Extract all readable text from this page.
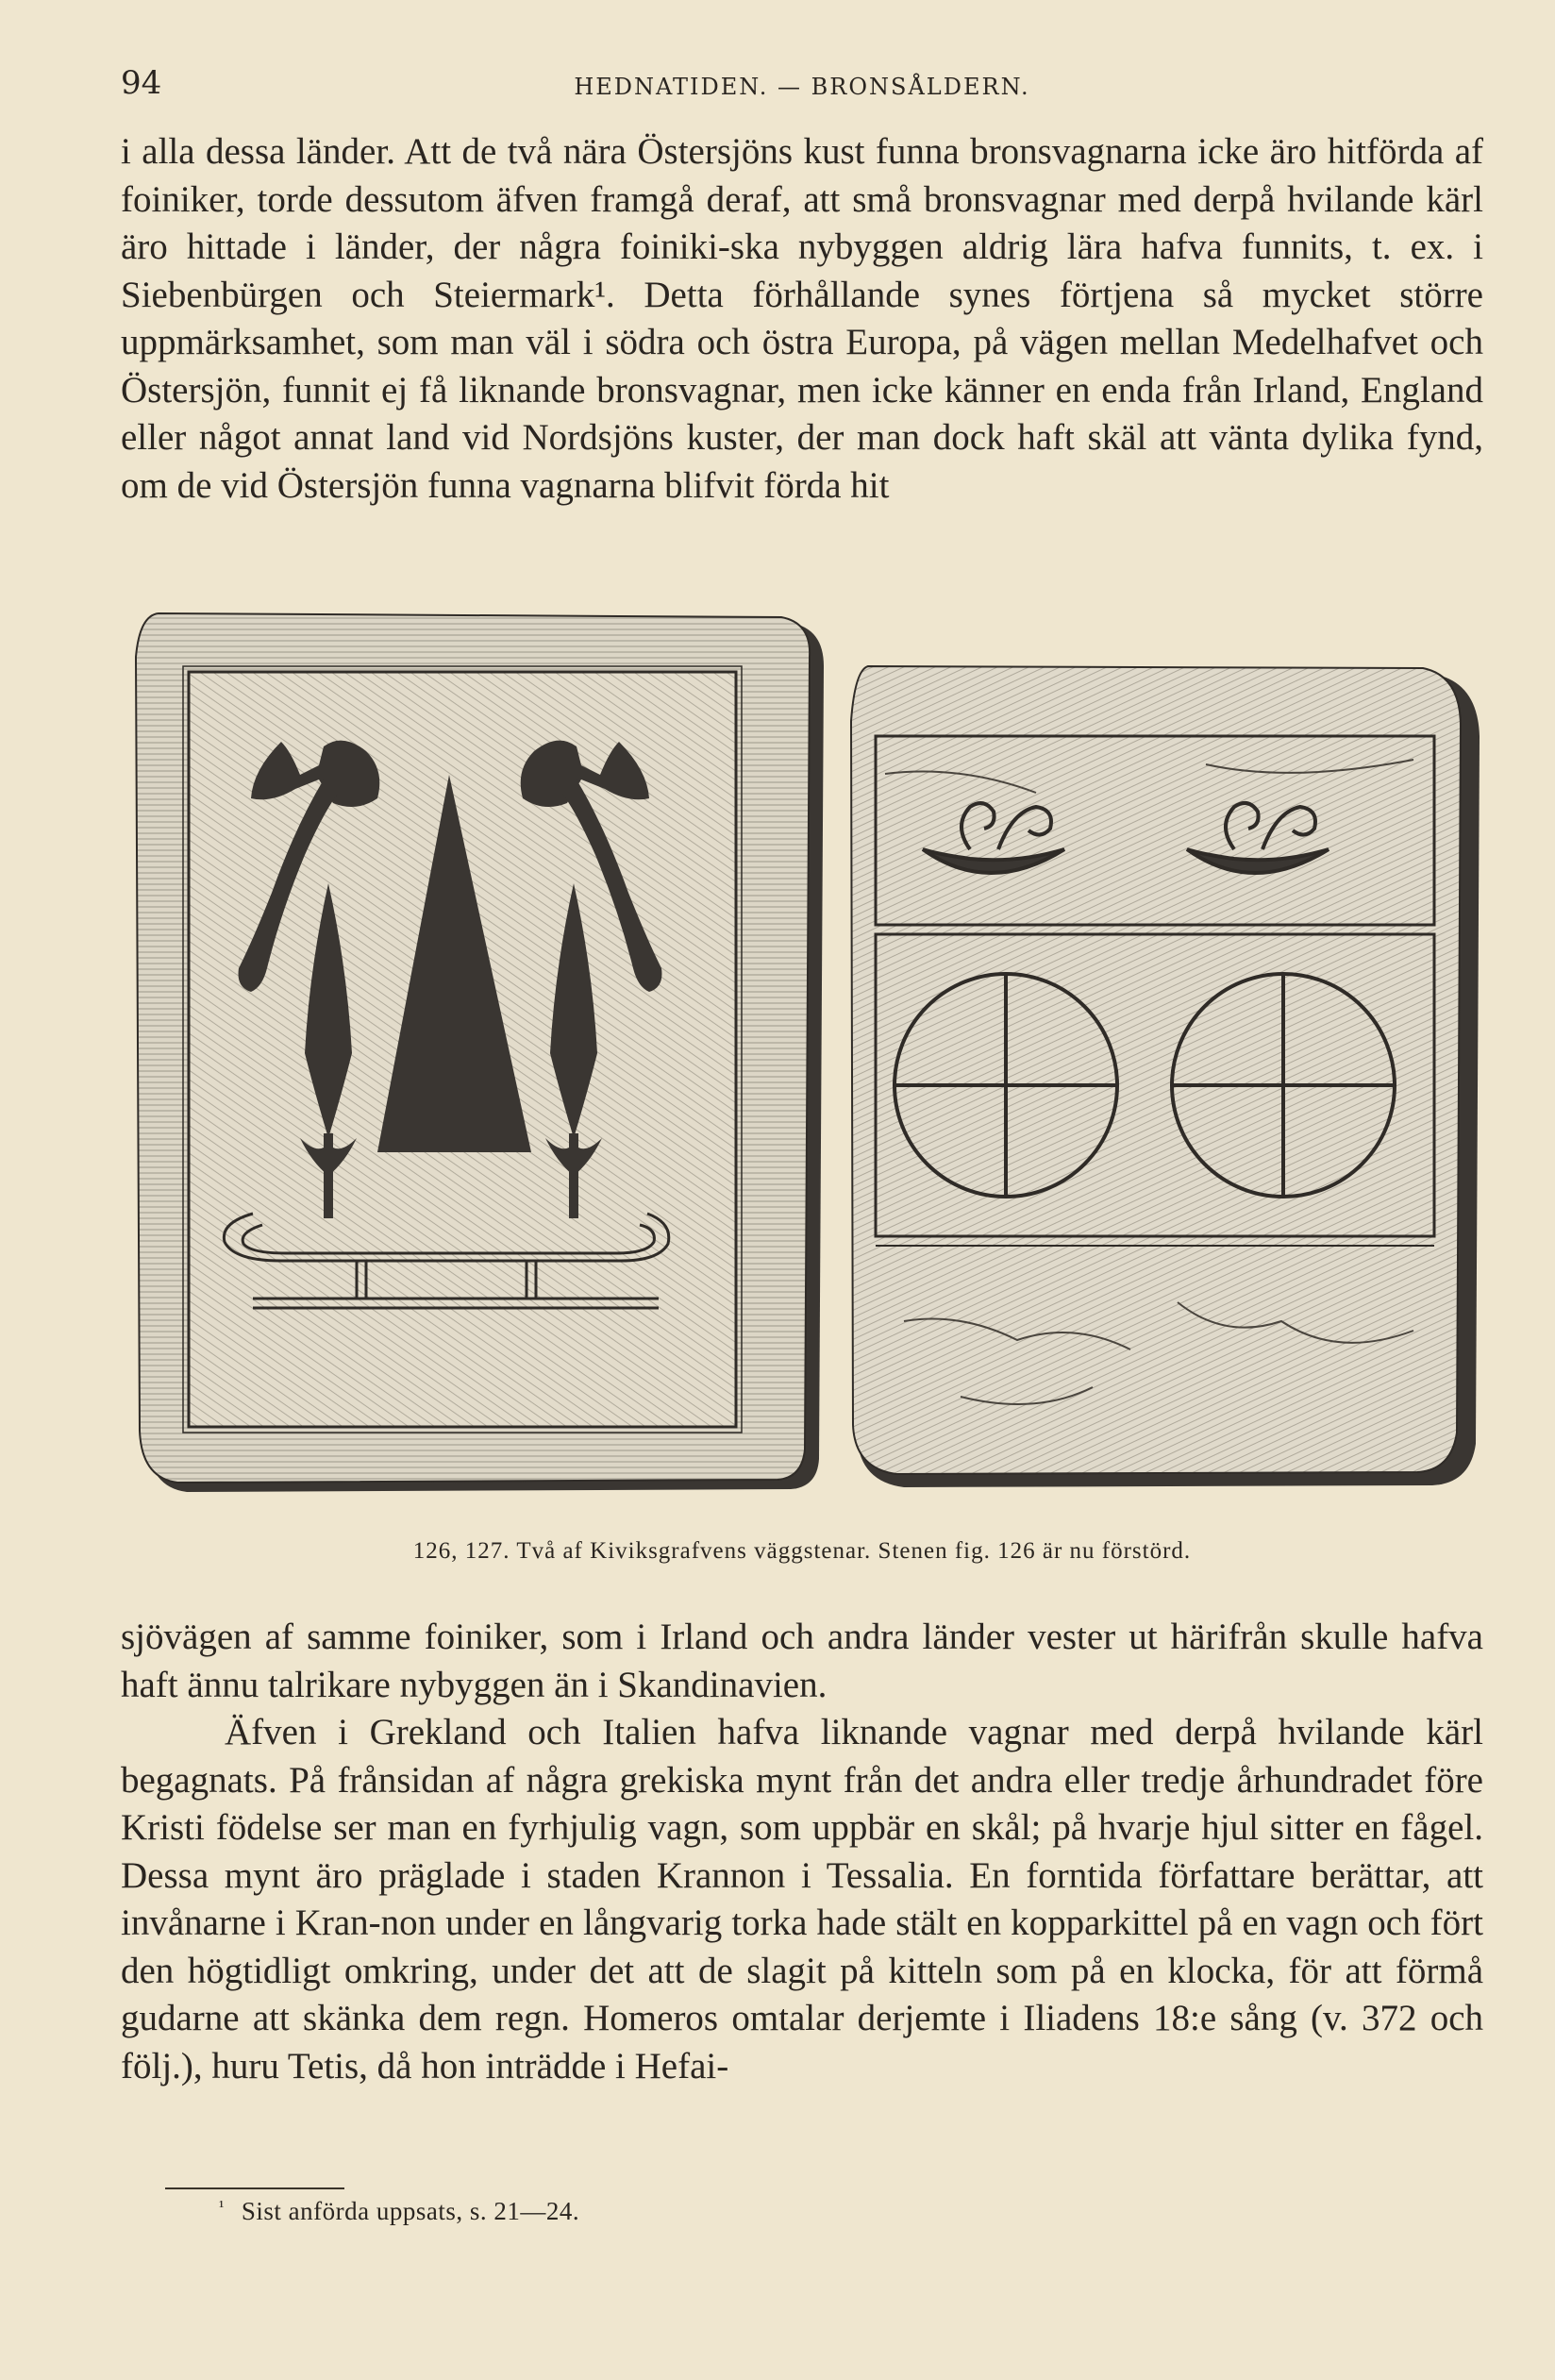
94	HEDNATIDEN. — BRONSÅLDERN.

i alla dessa länder. Att de två nära Östersjöns kust funna bronsvagnarna icke äro hitförda af foiniker, torde dessutom äfven framgå deraf, att små bronsvagnar med derpå hvilande kärl äro hittade i länder, der några foiniki-ska nybyggen aldrig lära hafva funnits, t. ex. i Siebenbürgen och Steiermark¹. Detta förhållande synes förtjena så mycket större uppmärksamhet, som man väl i södra och östra Europa, på vägen mellan Medelhafvet och Östersjön, funnit ej få liknande bronsvagnar, men icke känner en enda från Irland, England eller något annat land vid Nordsjöns kuster, der man dock haft skäl att vänta dylika fynd, om de vid Östersjön funna vagnarna blifvit förda hit

126, 127. Två af Kiviksgrafvens väggstenar. Stenen fig. 126 är nu förstörd.

sjövägen af samme foiniker, som i Irland och andra länder vester ut härifrån skulle hafva haft ännu talrikare nybyggen än i Skandinavien.

Äfven i Grekland och Italien hafva liknande vagnar med derpå hvilande kärl begagnats. På frånsidan af några grekiska mynt från det andra eller tredje århundradet före Kristi födelse ser man en fyrhjulig vagn, som uppbär en skål; på hvarje hjul sitter en fågel. Dessa mynt äro präglade i staden Krannon i Tessalia. En forntida författare berättar, att invånarne i Kran-non under en långvarig torka hade stält en kopparkittel på en vagn och fört den högtidligt omkring, under det att de slagit på kitteln som på en klocka, för att förmå gudarne att skänka dem regn. Homeros omtalar derjemte i Iliadens 18:e sång (v. 372 och följ.), huru Tetis, då hon inträdde i Hefai-

$^{^1}$ Sist anförda uppsats, s. 21—24.
